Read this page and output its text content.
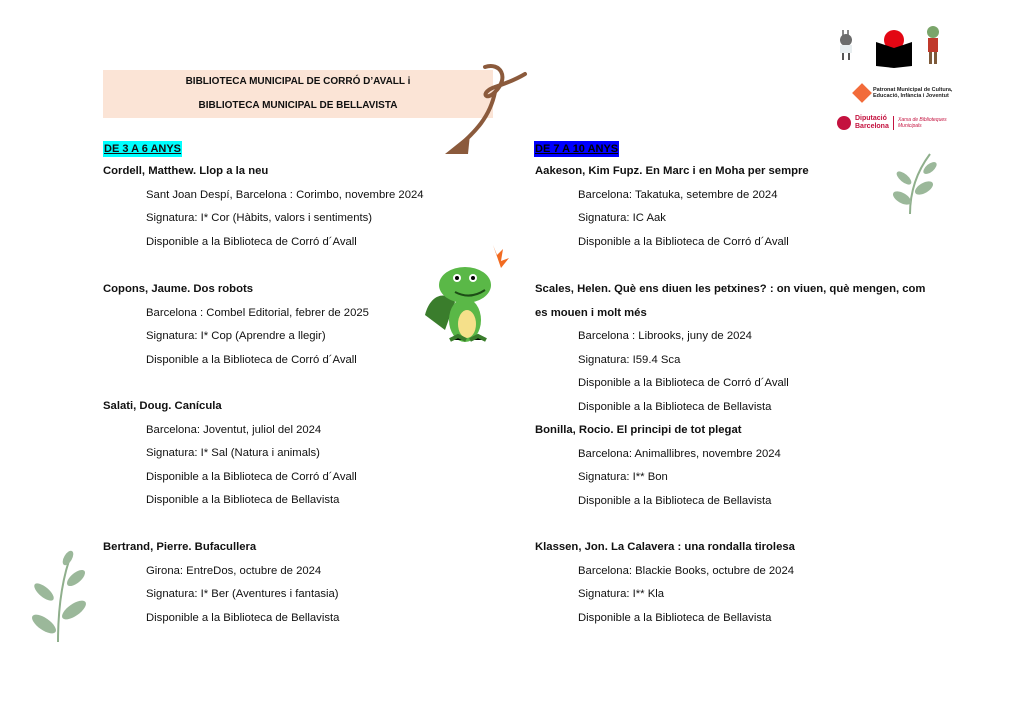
BIBLIOTECA MUNICIPAL DE CORRÓ D’AVALL i
BIBLIOTECA MUNICIPAL DE BELLAVISTA
DE 3 A 6 ANYS	DE 7 A 10 ANYS
Cordell, Matthew. Llop a la neu
Sant Joan Despí, Barcelona : Corimbo, novembre 2024
Signatura: I* Cor (Hàbits, valors i sentiments)
Disponible a la Biblioteca de Corró d´Avall
Copons, Jaume. Dos robots
Barcelona : Combel Editorial, febrer de 2025
Signatura: I* Cop (Aprendre a llegir)
Disponible a la Biblioteca de Corró d´Avall
Salati, Doug. Canícula
Barcelona: Joventut, juliol del 2024
Signatura: I* Sal (Natura i animals)
Disponible a la Biblioteca de Corró d´Avall
Disponible a la Biblioteca de Bellavista
Bertrand, Pierre. Bufacullera
Girona: EntreDos, octubre de 2024
Signatura: I* Ber (Aventures i fantasia)
Disponible a la Biblioteca de Bellavista
Aakeson, Kim Fupz. En Marc i en Moha per sempre
Barcelona: Takatuka, setembre de 2024
Signatura: IC Aak
Disponible a la Biblioteca de Corró d´Avall
Scales, Helen. Què ens diuen les petxines? : on viuen, què mengen, com
es mouen i molt més
Barcelona : Librooks, juny de 2024
Signatura: I59.4 Sca
Disponible a la Biblioteca de Corró d´Avall
Disponible a la Biblioteca de Bellavista
Bonilla, Rocio. El principi de tot plegat
Barcelona: Animallibres, novembre 2024
Signatura: I** Bon
Disponible a la Biblioteca de Bellavista
Klassen, Jon. La Calavera : una rondalla tirolesa
Barcelona: Blackie Books, octubre de 2024
Signatura: I** Kla
Disponible a la Biblioteca de Bellavista
Patronat Municipal de Cultura, Educació, Infància i Joventut
Diputació Barcelona
Xarxa de Biblioteques Municipals
